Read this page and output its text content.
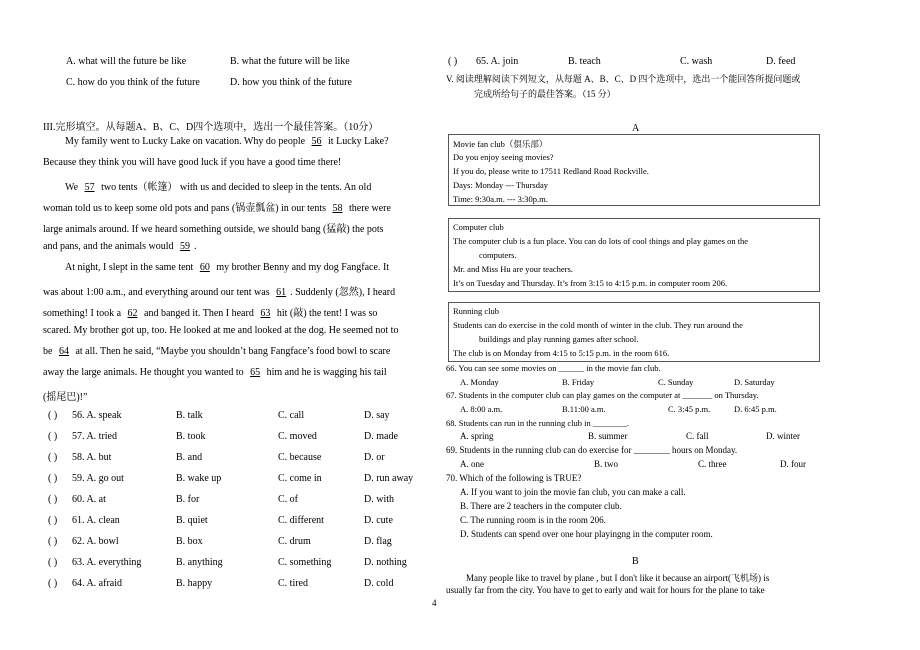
A. what will the future be like	B. what the future will be like
C. how do you think of the future	D. how you think of the future
III.完形填空。从每题A、B、C、D四个选项中，选出一个最佳答案。（10分）
My family went to Lucky Lake on vacation. Why do people 56 it Lucky Lake?
Because they think you will have good luck if you have a good time there!
We 57 two tents（帐篷） with us and decided to sleep in the tents. An old
woman told us to keep some old pots and pans (锅壶瓢盆) in our tents 58 there were
large animals around. If we heard something outside, we should bang (猛敲) the pots
and pans, and the animals would 59 .
At night, I slept in the same tent 60 my brother Benny and my dog Fangface. It
was about 1:00 a.m., and everything around our tent was 61 . Suddenly (忽然), I heard
something! I took a 62 and banged it. Then I heard 63 hit (敲) the tent! I was so
scared. My brother got up, too. He looked at me and looked at the dog. He seemed not to
be 64 at all. Then he said, “Maybe you shouldn’t bang Fangface’s food bowl to scare
away the large animals. He thought you wanted to 65 him and he is wagging his tail
(摇尾巴)!”
( ) 56. A. speak	B. talk	C. call	D. say
( ) 57. A. tried	B. took	C. moved	D. made
( ) 58. A. but	B. and	C. because	D. or
( ) 59. A. go out	B. wake up	C. come in	D. run away
( ) 60. A. at	B. for	C. of	D. with
( ) 61. A. clean	B. quiet	C. different	D. cute
( ) 62. A. bowl	B. box	C. drum	D. flag
( ) 63. A. everything	B. anything	C. something	D. nothing
( ) 64. A. afraid	B. happy	C. tired	D. cold
( ) 65. A. join	B. teach	C. wash	D. feed
V. 阅读理解阅读下列短文，从每题 A、B、C、D 四个选项中，选出一个能回答所提问题或
完成所给句子的最佳答案。（15 分）
A
Movie fan club（俱乐部）
Do you enjoy seeing movies?
If you do, please write to 17511 Redland Road Rockville.
Days: Monday --- Thursday
Time: 9:30a.m. --- 3:30p.m.
Computer club
The computer club is a fun place. You can do lots of cool things and play games on the
computers.
Mr. and Miss Hu are your teachers.
It’s on Tuesday and Thursday. It’s from 3:15 to 4:15 p.m. in computer room 206.
Running club
Students can do exercise in the cold month of winter in the club. They run around the
buildings and play running games after school.
The club is on Monday from 4:15 to 5:15 p.m. in the room 616.
66. You can see some movies on ______ in the movie fan club.
A. Monday	B. Friday	C. Sunday	D. Saturday
67. Students in the computer club can play games on the computer at _______ on Thursday.
A. 8:00 a.m.	B.11:00 a.m.	C. 3:45 p.m.	D. 6:45 p.m.
68. Students can run in the running club in ________.
A. spring	B. summer	C. fall	D. winter
69. Students in the running club can do exercise for ________ hours on Monday.
A. one	B. two	C. three	D. four
70. Which of the following is TRUE?
A. If you want to join the movie fan club, you can make a call.
B. There are 2 teachers in the computer club.
C. The running room is in the room 206.
D. Students can spend over one hour playingng in the computer room.
B
Many people like to travel by plane , but I don't like it because an airport(飞机场) is
usually far from the city. You have to get to early and wait for hours for the plane to take
4
